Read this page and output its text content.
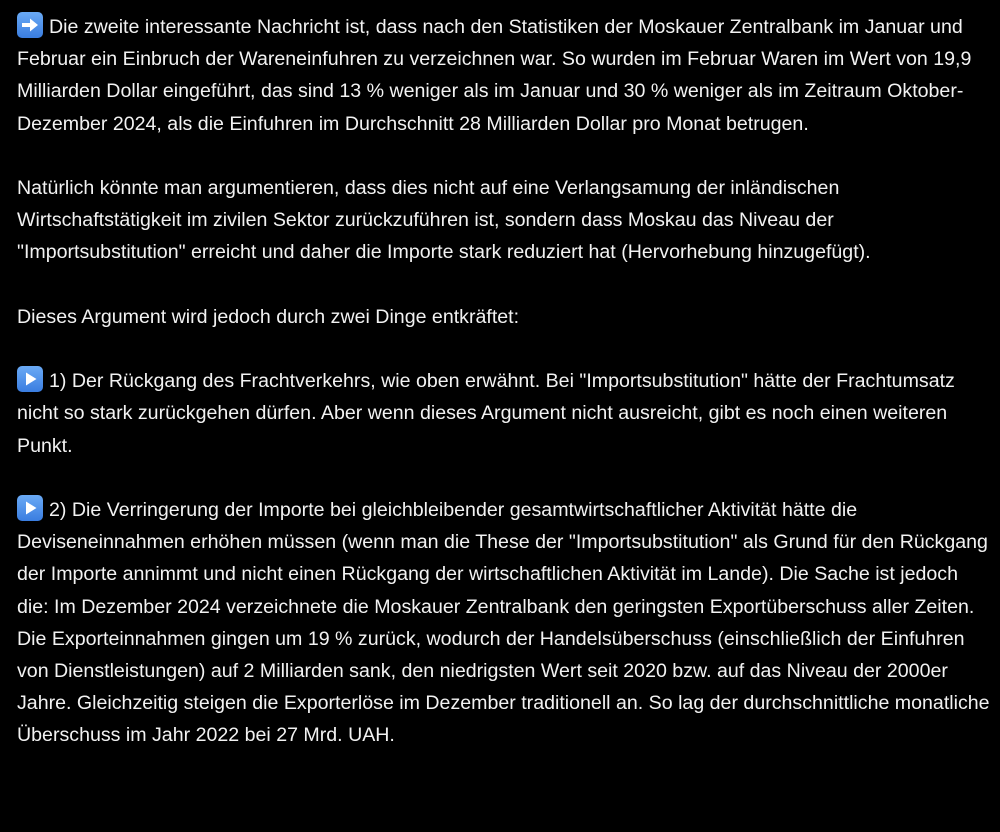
Die zweite interessante Nachricht ist, dass nach den Statistiken der Moskauer Zentralbank im Januar und Februar ein Einbruch der Wareneinfuhren zu verzeichnen war. So wurden im Februar Waren im Wert von 19,9 Milliarden Dollar eingeführt, das sind 13 % weniger als im Januar und 30 % weniger als im Zeitraum Oktober-Dezember 2024, als die Einfuhren im Durchschnitt 28 Milliarden Dollar pro Monat betrugen.

Natürlich könnte man argumentieren, dass dies nicht auf eine Verlangsamung der inländischen Wirtschaftstätigkeit im zivilen Sektor zurückzuführen ist, sondern dass Moskau das Niveau der "Importsubstitution" erreicht und daher die Importe stark reduziert hat (Hervorhebung hinzugefügt).

Dieses Argument wird jedoch durch zwei Dinge entkräftet:

1) Der Rückgang des Frachtverkehrs, wie oben erwähnt. Bei "Importsubstitution" hätte der Frachtumsatz nicht so stark zurückgehen dürfen. Aber wenn dieses Argument nicht ausreicht, gibt es noch einen weiteren Punkt.

2) Die Verringerung der Importe bei gleichbleibender gesamtwirtschaftlicher Aktivität hätte die Deviseneinnahmen erhöhen müssen (wenn man die These der "Importsubstitution" als Grund für den Rückgang der Importe annimmt und nicht einen Rückgang der wirtschaftlichen Aktivität im Lande). Die Sache ist jedoch die: Im Dezember 2024 verzeichnete die Moskauer Zentralbank den geringsten Exportüberschuss aller Zeiten. Die Exporteinnahmen gingen um 19 % zurück, wodurch der Handelsüberschuss (einschließlich der Einfuhren von Dienstleistungen) auf 2 Milliarden sank, den niedrigsten Wert seit 2020 bzw. auf das Niveau der 2000er Jahre. Gleichzeitig steigen die Exporterlöse im Dezember traditionell an. So lag der durchschnittliche monatliche Überschuss im Jahr 2022 bei 27 Mrd. UAH.
